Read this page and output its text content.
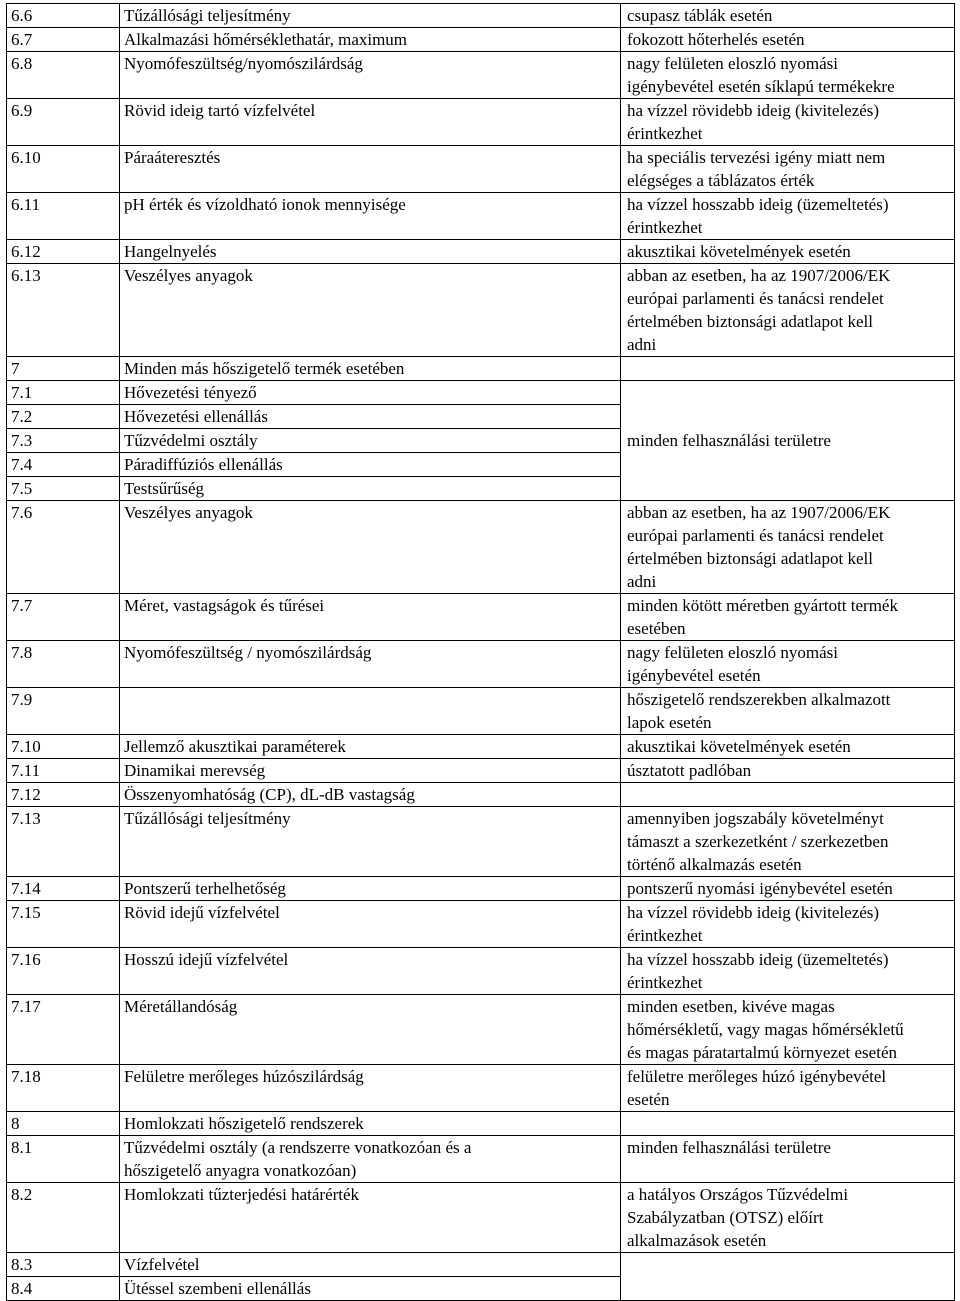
6.6	Tűzállósági teljesítmény	csupasz táblák esetén

6.7	Alkalmazási hőmérséklethatár, maximum	fokozott hőterhelés esetén

6.8	Nyomófeszültség/nyomószilárdság	nagy felületen eloszló nyomási
igénybevétel esetén síklapú termékekre

6.9	Rövid ideig tartó vízfelvétel	ha vízzel rövidebb ideig (kivitelezés)
érintkezhet

6.10	Páraáteresztés	ha speciális tervezési igény miatt nem
elégséges a táblázatos érték

6.11	pH érték és vízoldható ionok mennyisége	ha vízzel hosszabb ideig (üzemeltetés)
érintkezhet

6.12	Hangelnyelés	akusztikai követelmények esetén

6.13	Veszélyes anyagok	abban az esetben, ha az 1907/2006/EK
európai parlamenti és tanácsi rendelet
értelmében biztonsági adatlapot kell
adni

7	Minden más hőszigetelő termék esetében	

7.1	Hővezetési tényező	minden felhasználási területre

7.2	Hővezetési ellenállás	

7.3	Tűzvédelmi osztály	

7.4	Páradiffúziós ellenállás	

7.5	Testsűrűség	

7.6	Veszélyes anyagok	abban az esetben, ha az 1907/2006/EK
európai parlamenti és tanácsi rendelet
értelmében biztonsági adatlapot kell
adni

7.7	Méret, vastagságok és tűrései	minden kötött méretben gyártott termék
esetében

7.8	Nyomófeszültség / nyomószilárdság	nagy felületen eloszló nyomási
igénybevétel esetén

7.9		hőszigetelő rendszerekben alkalmazott
lapok esetén

7.10	Jellemző akusztikai paraméterek	akusztikai követelmények esetén

7.11	Dinamikai merevség	úsztatott padlóban

7.12	Összenyomhatóság (CP), dL-dB vastagság	

7.13	Tűzállósági teljesítmény	amennyiben jogszabály követelményt
támaszt a szerkezetként / szerkezetben
történő alkalmazás esetén

7.14	Pontszerű terhelhetőség	pontszerű nyomási igénybevétel esetén

7.15	Rövid idejű vízfelvétel	ha vízzel rövidebb ideig (kivitelezés)
érintkezhet

7.16	Hosszú idejű vízfelvétel	ha vízzel hosszabb ideig (üzemeltetés)
érintkezhet

7.17	Méretállandóság	minden esetben, kivéve magas
hőmérsékletű, vagy magas hőmérsékletű
és magas páratartalmú környezet esetén

7.18	Felületre merőleges húzószilárdság	felületre merőleges húzó igénybevétel
esetén

8	Homlokzati hőszigetelő rendszerek	

8.1	Tűzvédelmi osztály (a rendszerre vonatkozóan és a
hőszigetelő anyagra vonatkozóan)	minden felhasználási területre

8.2	Homlokzati tűzterjedési határérték	a hatályos Országos Tűzvédelmi
Szabályzatban (OTSZ) előírt
alkalmazások esetén

8.3	Vízfelvétel	

8.4	Ütéssel szembeni ellenállás	
